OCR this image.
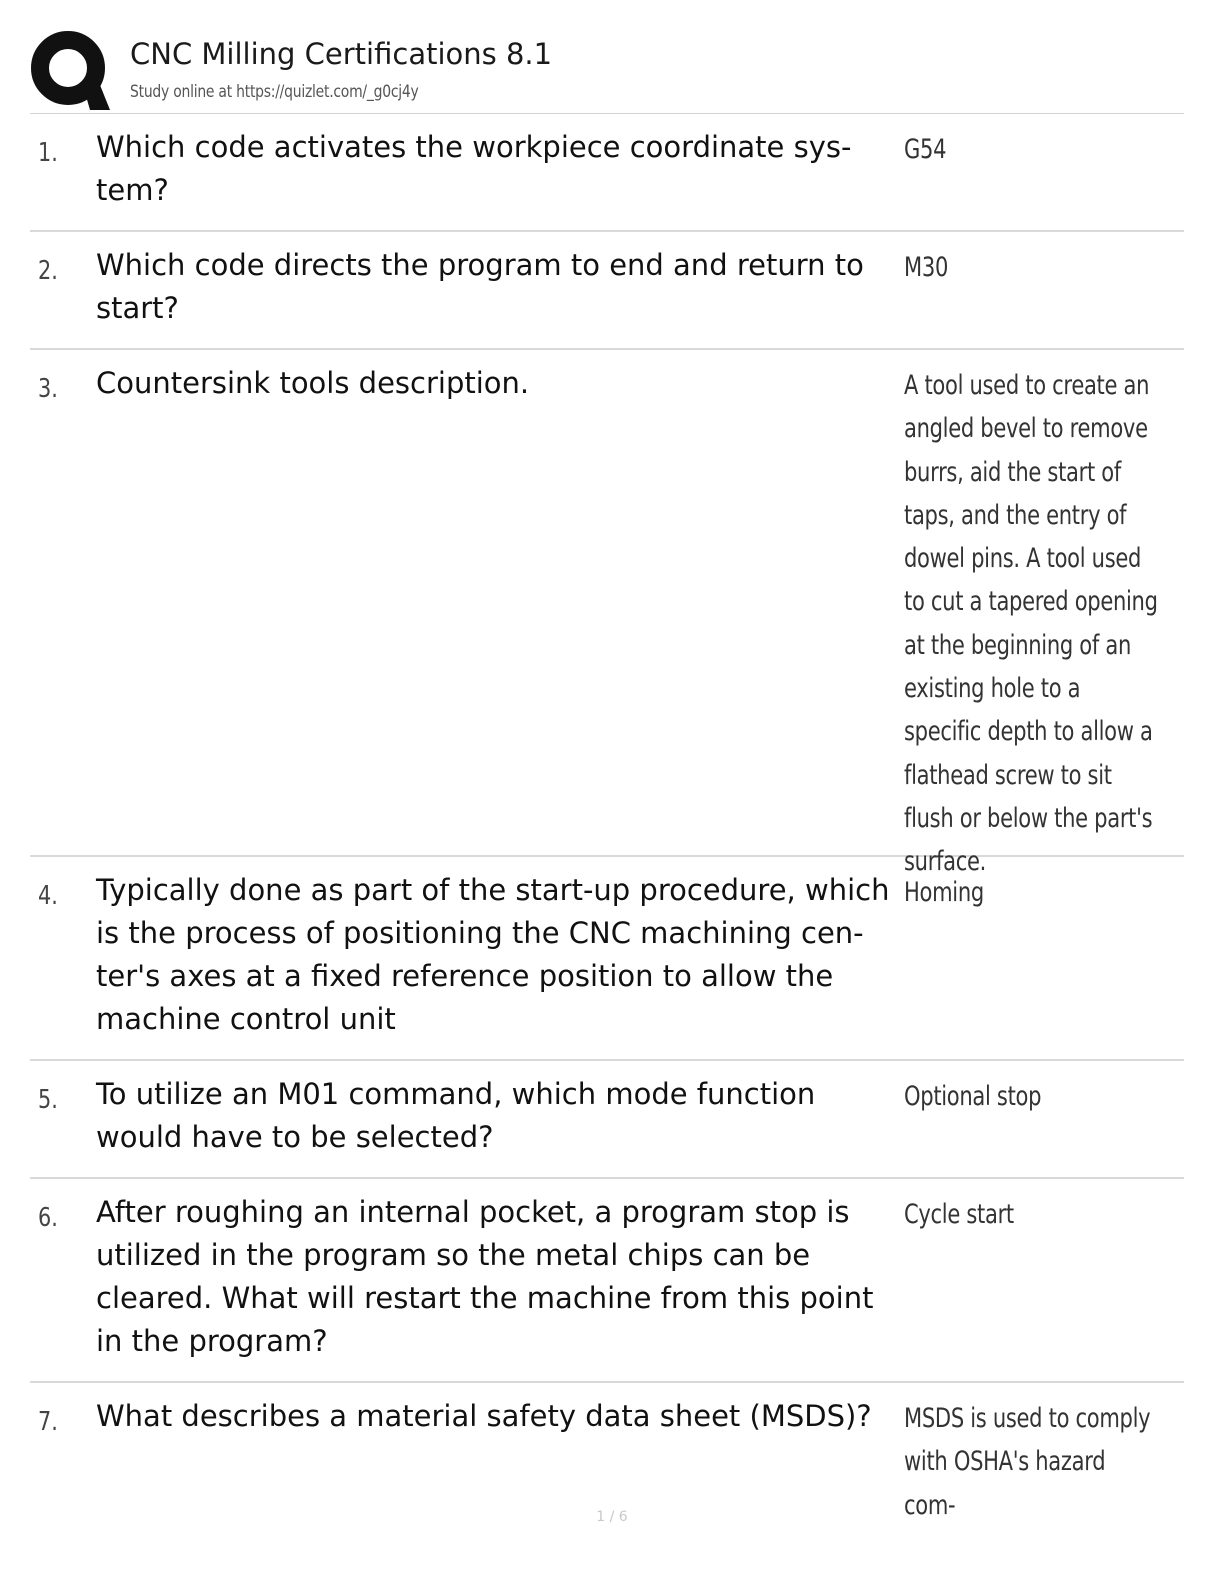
CNC Milling Certifications 8.1
Study online at https://quizlet.com/_g0cj4y
1. Which code activates the workpiece coordinate sys-tem?
G54
2. Which code directs the program to end and return to start?
M30
3. Countersink tools description.	A tool used to create an angled bevel to remove burrs, aid the start of taps, and the entry of dowel pins. A tool used to cut a tapered opening at the beginning of an existing hole to a specific depth to allow a flathead screw to sit flush or below the part's surface.
4. Typically done as part of the start-up procedure, which is the process of positioning the CNC machining cen-ter's axes at a fixed reference position to allow the machine control unit
Homing
5. To utilize an M01 command, which mode function would have to be selected?
Optional stop
6. After roughing an internal pocket, a program stop is utilized in the program so the metal chips can be cleared. What will restart the machine from this point in the program?
Cycle start
7. What describes a material safety data sheet (MSDS)?	MSDS is used to comply with OSHA's hazard com-
1 / 6
